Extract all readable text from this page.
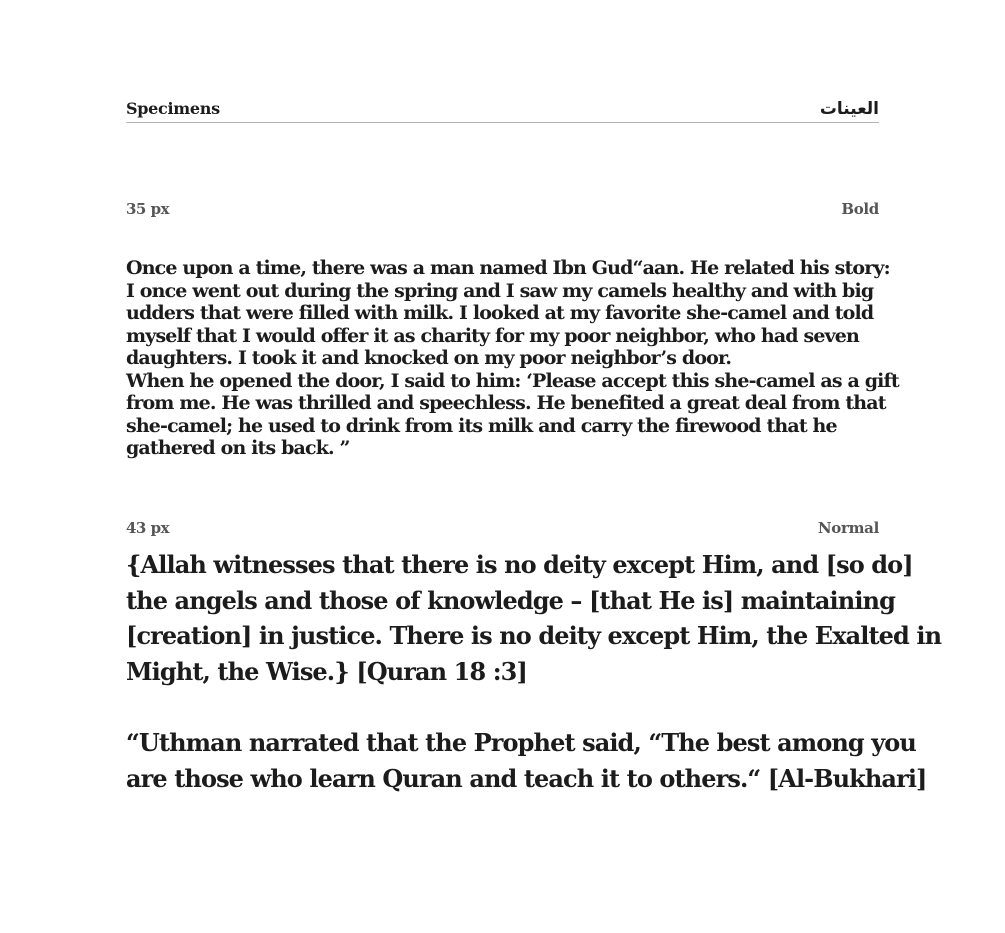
Specimens	العينات
35 px	Bold
Once upon a time, there was a man named Ibn Gud“aan. He related his story:
I once went out during the spring and I saw my camels healthy and with big
udders that were filled with milk. I looked at my favorite she-camel and told
myself that I would offer it as charity for my poor neighbor, who had seven
daughters. I took it and knocked on my poor neighbor’s door.
When he opened the door, I said to him: ‘Please accept this she-camel as a gift
from me. He was thrilled and speechless. He benefited a great deal from that
she-camel; he used to drink from its milk and carry the firewood that he
gathered on its back. ”
43 px	Normal
{Allah witnesses that there is no deity except Him, and [so do]
the angels and those of knowledge – [that He is] maintaining
[creation] in justice. There is no deity except Him, the Exalted in
Might, the Wise.} [Quran 18 :3]
“Uthman narrated that the Prophet said, “The best among you
are those who learn Quran and teach it to others.“ [Al-Bukhari]
